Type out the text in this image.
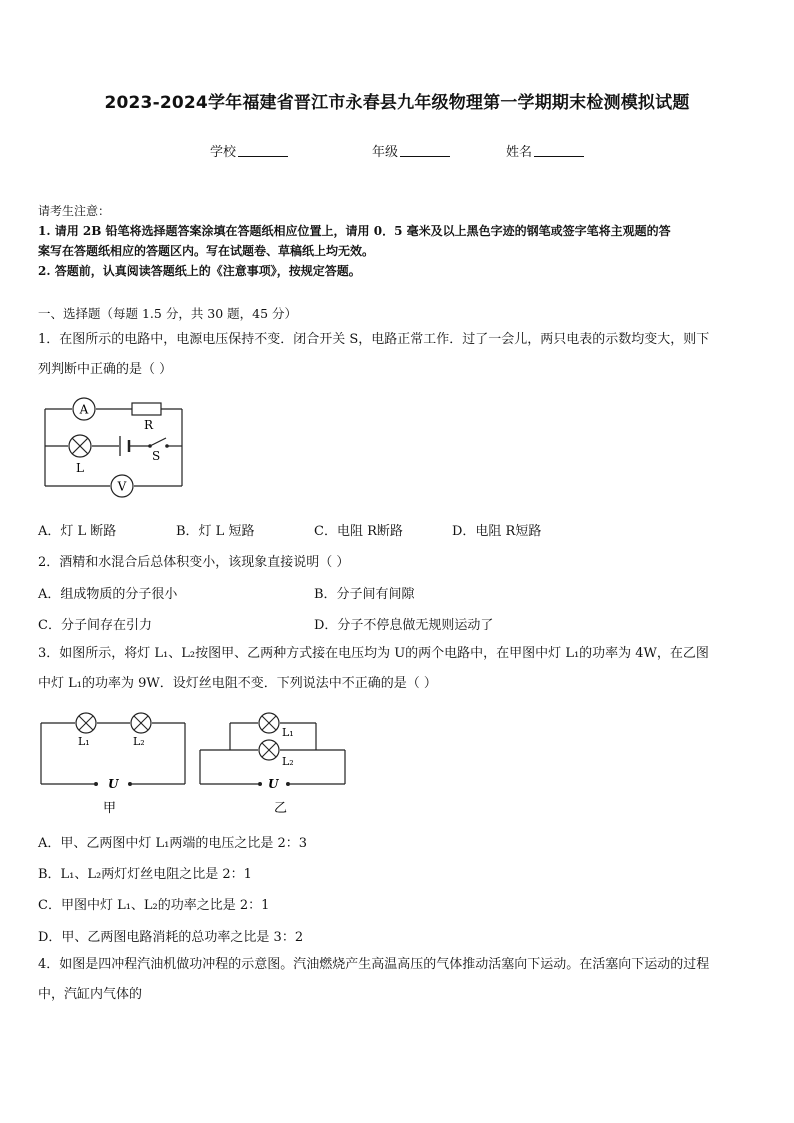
2023-2024学年福建省晋江市永春县九年级物理第一学期期末检测模拟试题
学校	年级	姓名
请考生注意：
1. 请用 2B 铅笔将选择题答案涂填在答题纸相应位置上，请用 0．5 毫米及以上黑色字迹的钢笔或签字笔将主观题的答
案写在答题纸相应的答题区内。写在试题卷、草稿纸上均无效。
2. 答题前，认真阅读答题纸上的《注意事项》，按规定答题。
一、选择题（每题 1.5 分，共 30 题，45 分）
1．在图所示的电路中，电源电压保持不变．闭合开关 S，电路正常工作．过了一会儿，两只电表的示数均变大，则下
列判断中正确的是（ ）
A
R
L
S
V
A．灯 L 断路	B．灯 L 短路	C．电阻 R断路	D．电阻 R短路
2．酒精和水混合后总体积变小，该现象直接说明（ ）
A．组成物质的分子很小	B．分子间有间隙
C．分子间存在引力	D．分子不停息做无规则运动了
3．如图所示，将灯 L₁、L₂按图甲、乙两种方式接在电压均为 U的两个电路中，在甲图中灯 L₁的功率为 4W，在乙图
中灯 L₁的功率为 9W．设灯丝电阻不变．下列说法中不正确的是（ ）
L₁	L₂
U
甲
L₁
L₂
U
乙
A．甲、乙两图中灯 L₁两端的电压之比是 2：3
B．L₁、L₂两灯灯丝电阻之比是 2：1
C．甲图中灯 L₁、L₂的功率之比是 2：1
D．甲、乙两图电路消耗的总功率之比是 3：2
4．如图是四冲程汽油机做功冲程的示意图。汽油燃烧产生高温高压的气体推动活塞向下运动。在活塞向下运动的过程
中，汽缸内气体的
